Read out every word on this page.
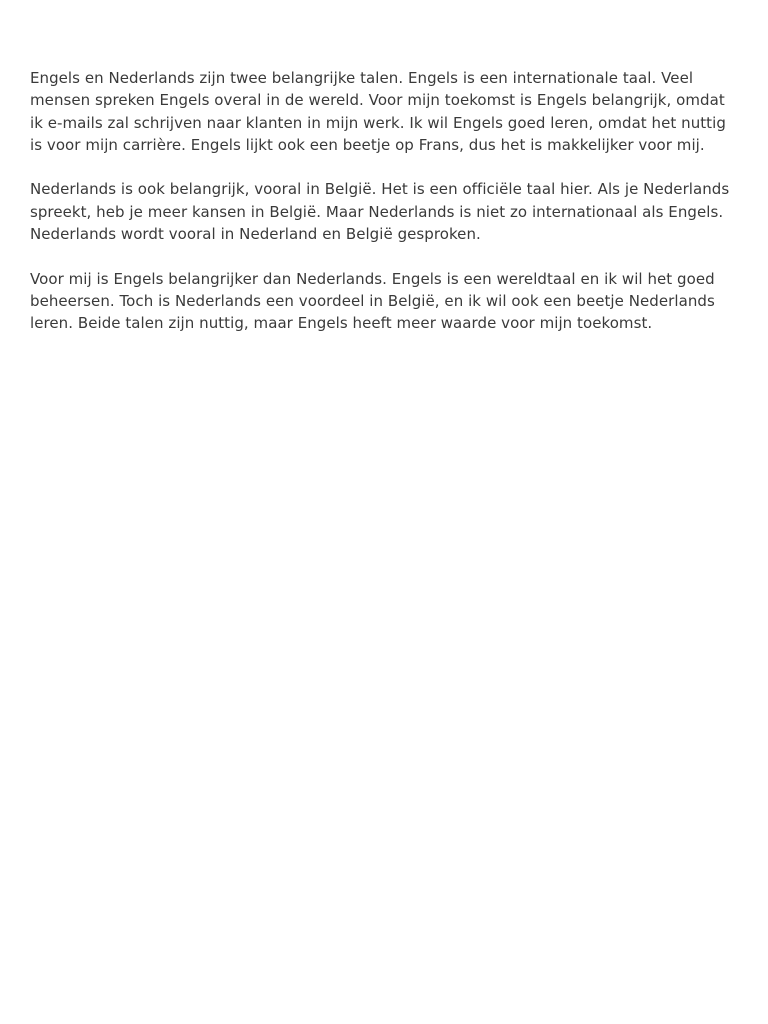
Engels en Nederlands zijn twee belangrijke talen. Engels is een internationale taal. Veel mensen spreken Engels overal in de wereld. Voor mijn toekomst is Engels belangrijk, omdat ik e-mails zal schrijven naar klanten in mijn werk. Ik wil Engels goed leren, omdat het nuttig is voor mijn carrière. Engels lijkt ook een beetje op Frans, dus het is makkelijker voor mij.

Nederlands is ook belangrijk, vooral in België. Het is een officiële taal hier. Als je Nederlands spreekt, heb je meer kansen in België. Maar Nederlands is niet zo internationaal als Engels. Nederlands wordt vooral in Nederland en België gesproken.

Voor mij is Engels belangrijker dan Nederlands. Engels is een wereldtaal en ik wil het goed beheersen. Toch is Nederlands een voordeel in België, en ik wil ook een beetje Nederlands leren. Beide talen zijn nuttig, maar Engels heeft meer waarde voor mijn toekomst.
